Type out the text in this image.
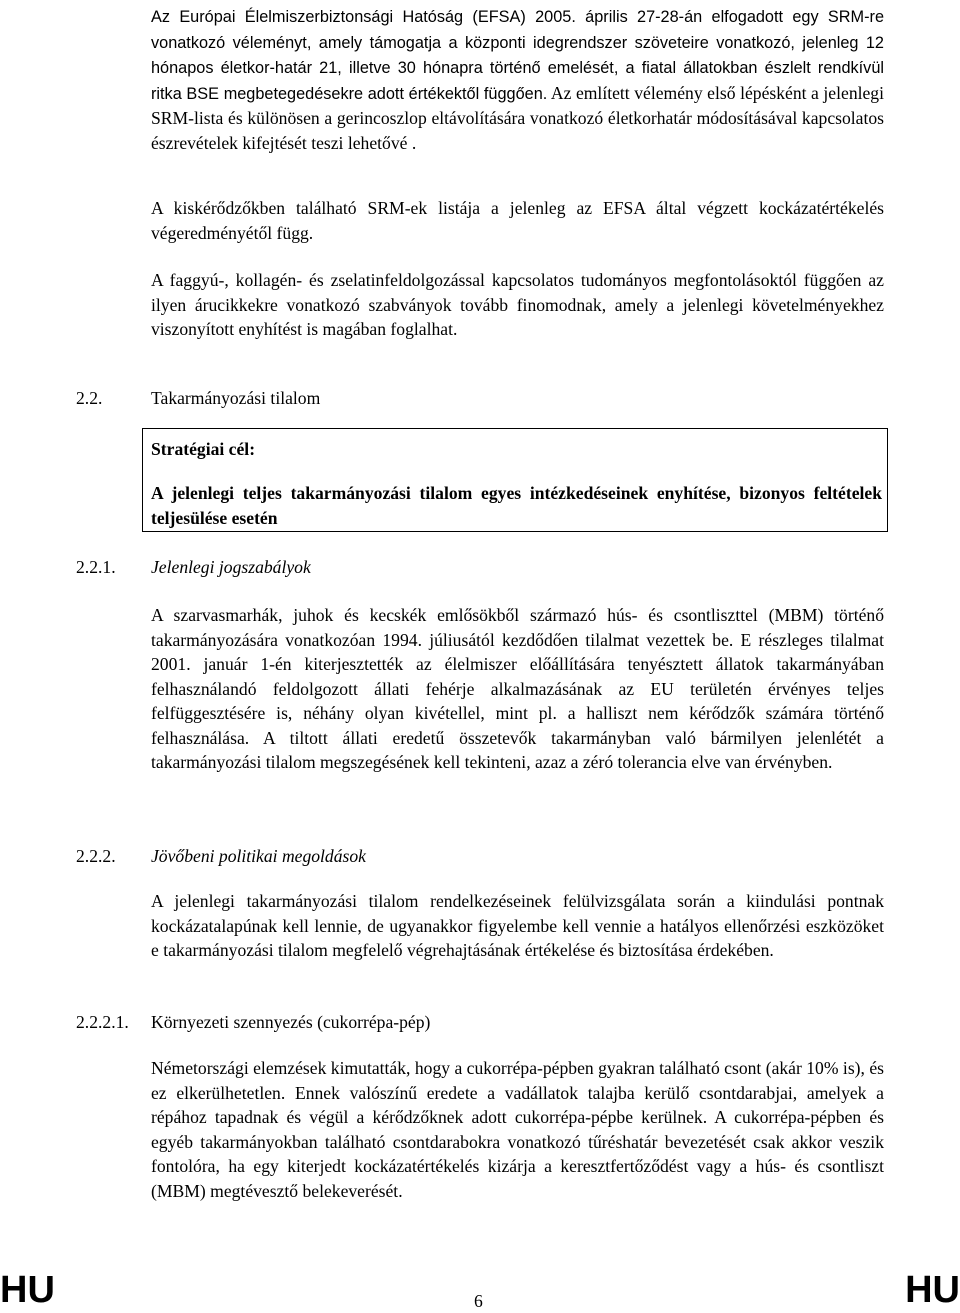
Az Európai Élelmiszerbiztonsági Hatóság (EFSA) 2005. április 27-28-án elfogadott egy SRM-re vonatkozó véleményt, amely támogatja a központi idegrendszer szöveteire vonatkozó, jelenleg 12 hónapos életkor-határ 21, illetve 30 hónapra történő emelését, a fiatal állatokban észlelt rendkívül ritka BSE megbetegedésekre adott értékektől függően. Az említett vélemény első lépésként a jelenlegi SRM-lista és különösen a gerincoszlop eltávolítására vonatkozó életkorhatár módosításával kapcsolatos észrevételek kifejtését teszi lehetővé .

A kiskérődzőkben található SRM-ek listája a jelenleg az EFSA által végzett kockázatértékelés végeredményétől függ.

A faggyú-, kollagén- és zselatinfeldolgozással kapcsolatos tudományos megfontolásoktól függően az ilyen árucikkekre vonatkozó szabványok tovább finomodnak, amely a jelenlegi követelményekhez viszonyított enyhítést is magában foglalhat.

2.2.	Takarmányozási tilalom
Stratégiai cél:
A jelenlegi teljes takarmányozási tilalom egyes intézkedéseinek enyhítése, bizonyos feltételek teljesülése esetén
2.2.1. Jelenlegi jogszabályok

A szarvasmarhák, juhok és kecskék emlősökből származó hús- és csontliszttel (MBM) történő takarmányozására vonatkozóan 1994. júliusától kezdődően tilalmat vezettek be. E részleges tilalmat 2001. január 1-én kiterjesztették az élelmiszer előállítására tenyésztett állatok takarmányában felhasználandó feldolgozott állati fehérje alkalmazásának az EU területén érvényes teljes felfüggesztésére is, néhány olyan kivétellel, mint pl. a halliszt nem kérődzők számára történő felhasználása. A tiltott állati eredetű összetevők takarmányban való bármilyen jelenlétét a takarmányozási tilalom megszegésének kell tekinteni, azaz a zéró tolerancia elve van érvényben.

2.2.2. Jövőbeni politikai megoldások

A jelenlegi takarmányozási tilalom rendelkezéseinek felülvizsgálata során a kiindulási pontnak kockázatalapúnak kell lennie, de ugyanakkor figyelembe kell vennie a hatályos ellenőrzési eszközöket e takarmányozási tilalom megfelelő végrehajtásának értékelése és biztosítása érdekében.

2.2.2.1. Környezeti szennyezés (cukorrépa-pép)

Németországi elemzések kimutatták, hogy a cukorrépa-pépben gyakran található csont (akár 10% is), és ez elkerülhetetlen. Ennek valószínű eredete a vadállatok talajba kerülő csontdarabjai, amelyek a répához tapadnak és végül a kérődzőknek adott cukorrépa-pépbe kerülnek. A cukorrépa-pépben és egyéb takarmányokban található csontdarabokra vonatkozó tűréshatár bevezetését csak akkor veszik fontolóra, ha egy kiterjedt kockázatértékelés kizárja a keresztfertőződést vagy a hús- és csontliszt (MBM) megtévesztő belekeverését.

HU	6	HU
